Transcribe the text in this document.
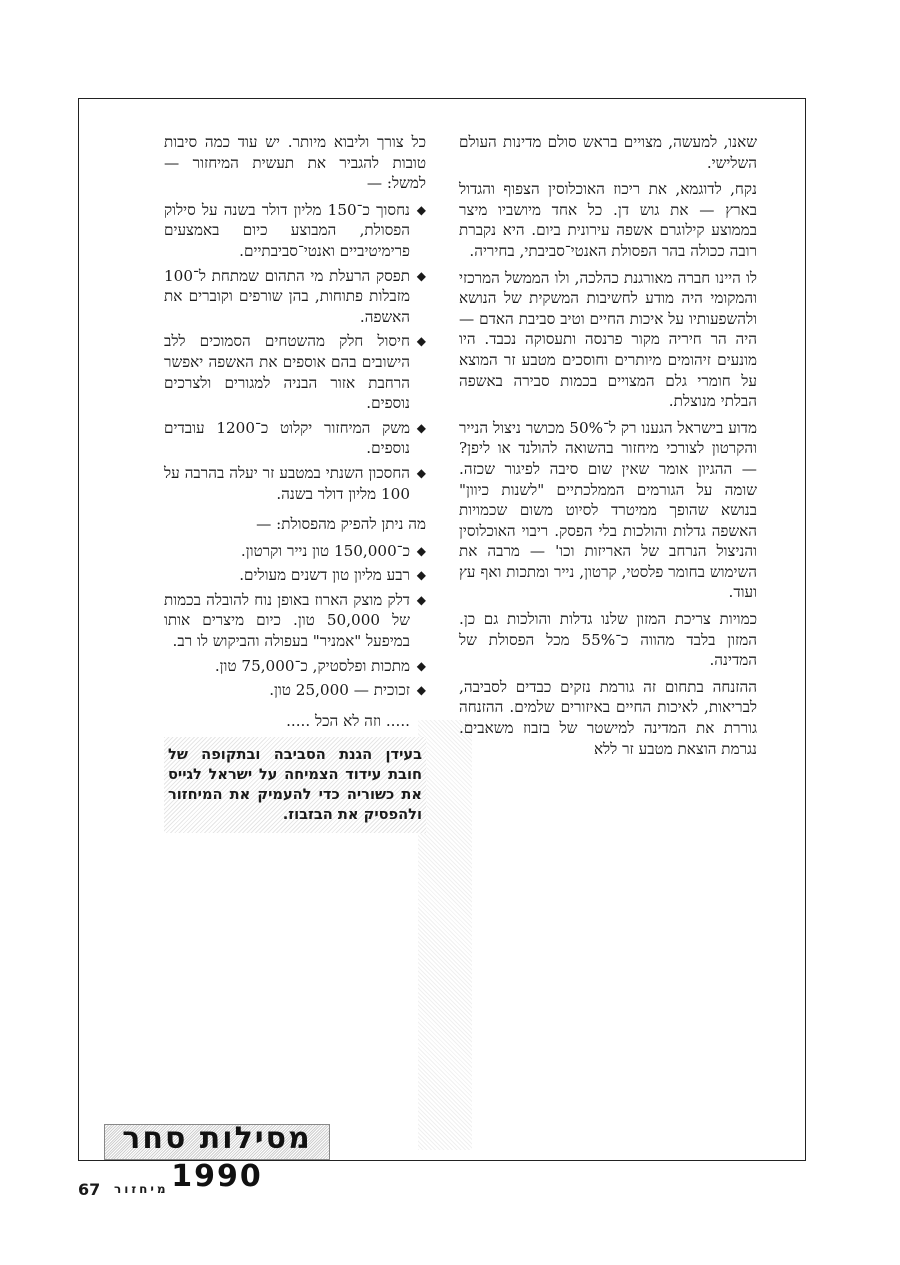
שאנו, למעשה, מצויים בראש סולם מדינות העולם השלישי.

נקח, לדוגמא, את ריכוז האוכלוסין הצפוף והגדול בארץ — את גוש דן. כל אחד מיושביו מיצר בממוצע קילוגרם אשפה עירונית ביום. היא נקברת רובה ככולה בהר הפסולת האנטי־סביבתי, בחיריה.

לו היינו חברה מאורגנת כהלכה, ולו הממשל המרכזי והמקומי היה מודע לחשיבות המשקית של הנושא ולהשפעותיו על איכות החיים וטיב סביבת האדם — היה הר חיריה מקור פרנסה ותעסוקה נכבד. היו מונעים זיהומים מיותרים וחוסכים מטבע זר המוצא על חומרי גלם המצויים בכמות סבירה באשפה הבלתי מנוצלת.

מדוע בישראל הגענו רק ל־50% מכושר ניצול הנייר והקרטון לצורכי מיחזור בהשואה להולנד או ליפן? — ההגיון אומר שאין שום סיבה לפיגור שכזה. שומה על הגורמים הממלכתיים "לשנות כיוון" בנושא שהופך ממיטרד לסיוט משום שכמויות האשפה גדלות והולכות בלי הפסק. ריבוי האוכלוסין והניצול הנרחב של האריזות וכו' — מרבה את השימוש בחומר פלסטי, קרטון, נייר ומתכות ואף עץ ועוד.

כמויות צריכת המזון שלנו גדלות והולכות גם כן. המזון בלבד מהווה כ־55% מכל הפסולת של המדינה.

ההזנחה בתחום זה גורמת נזקים כבדים לסביבה, לבריאות, לאיכות החיים באיזורים שלמים. ההזנחה גוררת את המדינה למישטר של בזבוז משאבים. נגרמת הוצאת מטבע זר ללא

כל צורך וליבוא מיותר. יש עוד כמה סיבות טובות להגביר את תעשית המיחזור — למשל: —

◆
נחסוך כ־150 מליון דולר בשנה על סילוק הפסולת, המבוצע כיום באמצעים פרימיטיביים ואנטי־סביבתיים.
◆
תפסק הרעלת מי התהום שמתחת ל־100 מזבלות פתוחות, בהן שורפים וקוברים את האשפה.
◆
חיסול חלק מהשטחים הסמוכים ללב הישובים בהם אוספים את האשפה יאפשר הרחבת אזור הבניה למגורים ולצרכים נוספים.
◆
משק המיחזור יקלוט כ־1200 עובדים נוספים.
◆
החסכון השנתי במטבע זר יעלה בהרבה על 100 מליון דולר בשנה.

מה ניתן להפיק מהפסולת: —

◆
כ־150,000 טון נייר וקרטון.
◆
רבע מליון טון דשנים מעולים.
◆
דלק מוצק הארוז באופן נוח להובלה בכמות של 50,000 טון. כיום מיצרים אותו במיפעל "אמניר" בעפולה והביקוש לו רב.
◆
מתכות ופלסטיק, כ־75,000 טון.
◆
זכוכית — 25,000 טון.

..... וזה לא הכל .....

בעידן הגנת הסביבה ובתקופה של חובת עידוד הצמיחה על ישראל לגייס את כשוריה כדי להעמיק את המיחזור ולהפסיק את הבזבוז.
מסילות סחר 1990
67 מיחזור
